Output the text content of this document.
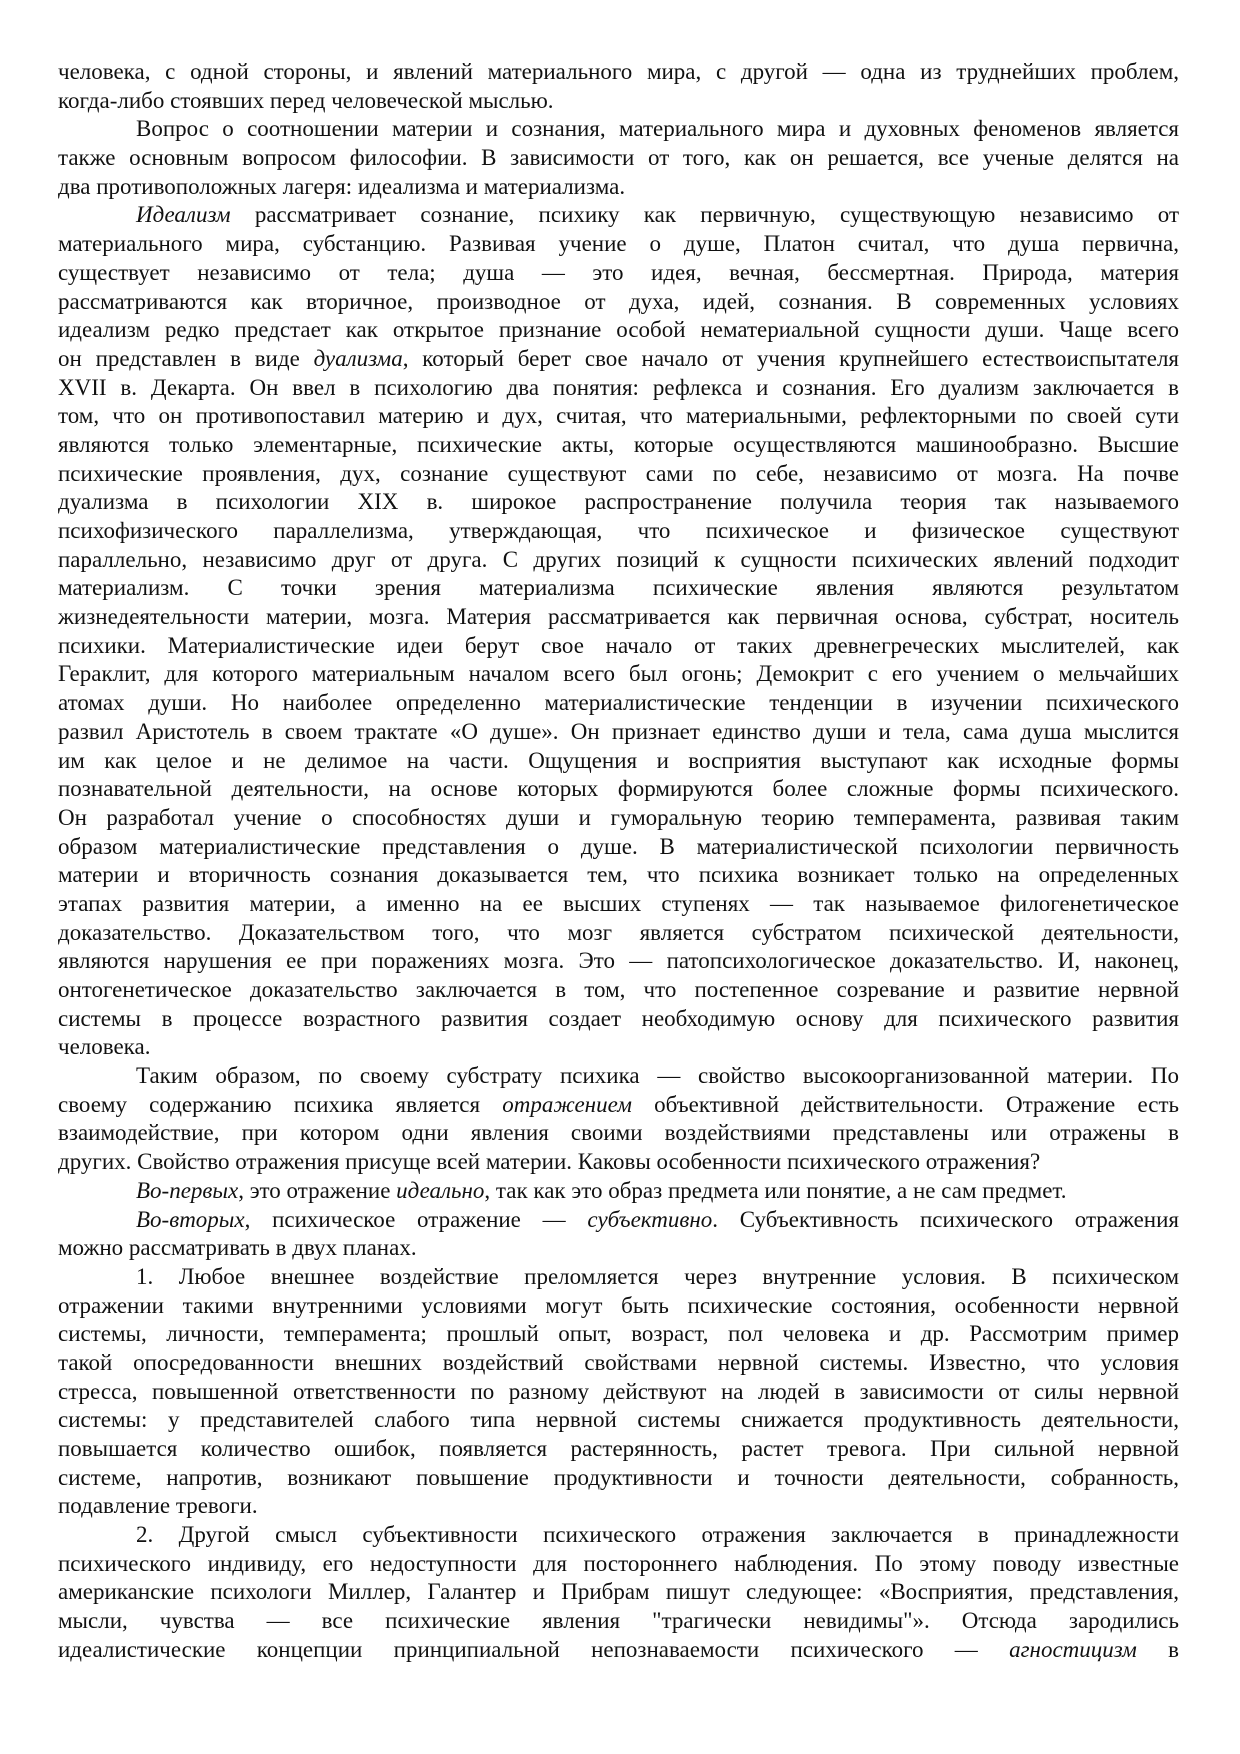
человека, с одной стороны, и явлений материального мира, с другой — одна из труднейших проблем,
когда-либо стоявших перед человеческой мыслью.
Вопрос о соотношении материи и сознания, материального мира и духовных феноменов является
также основным вопросом философии. В зависимости от того, как он решается, все ученые делятся на
два противоположных лагеря: идеализма и материализма.
Идеализм рассматривает сознание, психику как первичную, существующую независимо от
материального мира, субстанцию. Развивая учение о душе, Платон считал, что душа первична,
существует независимо от тела; душа — это идея, вечная, бессмертная. Природа, материя
рассматриваются как вторичное, производное от духа, идей, сознания. В современных условиях
идеализм редко предстает как открытое признание особой нематериальной сущности души. Чаще всего
он представлен в виде дуализма, который берет свое начало от учения крупнейшего естествоиспытателя
XVII в. Декарта. Он ввел в психологию два понятия: рефлекса и сознания. Его дуализм заключается в
том, что он противопоставил материю и дух, считая, что материальными, рефлекторными по своей сути
являются только элементарные, психические акты, которые осуществляются машинообразно. Высшие
психические проявления, дух, сознание существуют сами по себе, независимо от мозга. На почве
дуализма в психологии XIX в. широкое распространение получила теория так называемого
психофизического параллелизма, утверждающая, что психическое и физическое существуют
параллельно, независимо друг от друга. С других позиций к сущности психических явлений подходит
материализм. С точки зрения материализма психические явления являются результатом
жизнедеятельности материи, мозга. Материя рассматривается как первичная основа, субстрат, носитель
психики. Материалистические идеи берут свое начало от таких древнегреческих мыслителей, как
Гераклит, для которого материальным началом всего был огонь; Демокрит с его учением о мельчайших
атомах души. Но наиболее определенно материалистические тенденции в изучении психического
развил Аристотель в своем трактате «О душе». Он признает единство души и тела, сама душа мыслится
им как целое и не делимое на части. Ощущения и восприятия выступают как исходные формы
познавательной деятельности, на основе которых формируются более сложные формы психического.
Он разработал учение о способностях души и гуморальную теорию темперамента, развивая таким
образом материалистические представления о душе. В материалистической психологии первичность
материи и вторичность сознания доказывается тем, что психика возникает только на определенных
этапах развития материи, а именно на ее высших ступенях — так называемое филогенетическое
доказательство. Доказательством того, что мозг является субстратом психической деятельности,
являются нарушения ее при поражениях мозга. Это — патопсихологическое доказательство. И, наконец,
онтогенетическое доказательство заключается в том, что постепенное созревание и развитие нервной
системы в процессе возрастного развития создает необходимую основу для психического развития
человека.
Таким образом, по своему субстрату психика — свойство высокоорганизованной материи. По
своему содержанию психика является отражением объективной действительности. Отражение есть
взаимодействие, при котором одни явления своими воздействиями представлены или отражены в
других. Свойство отражения присуще всей материи. Каковы особенности психического отражения?
Во-первых, это отражение идеально, так как это образ предмета или понятие, а не сам предмет.
Во-вторых, психическое отражение — субъективно. Субъективность психического отражения
можно рассматривать в двух планах.
1. Любое внешнее воздействие преломляется через внутренние условия. В психическом
отражении такими внутренними условиями могут быть психические состояния, особенности нервной
системы, личности, темперамента; прошлый опыт, возраст, пол человека и др. Рассмотрим пример
такой опосредованности внешних воздействий свойствами нервной системы. Известно, что условия
стресса, повышенной ответственности по разному действуют на людей в зависимости от силы нервной
системы: у представителей слабого типа нервной системы снижается продуктивность деятельности,
повышается количество ошибок, появляется растерянность, растет тревога. При сильной нервной
системе, напротив, возникают повышение продуктивности и точности деятельности, собранность,
подавление тревоги.
2. Другой смысл субъективности психического отражения заключается в принадлежности
психического индивиду, его недоступности для постороннего наблюдения. По этому поводу известные
американские психологи Миллер, Галантер и Прибрам пишут следующее: «Восприятия, представления,
мысли, чувства — все психические явления "трагически невидимы"». Отсюда зародились
идеалистические концепции принципиальной непознаваемости психического — агностицизм в
